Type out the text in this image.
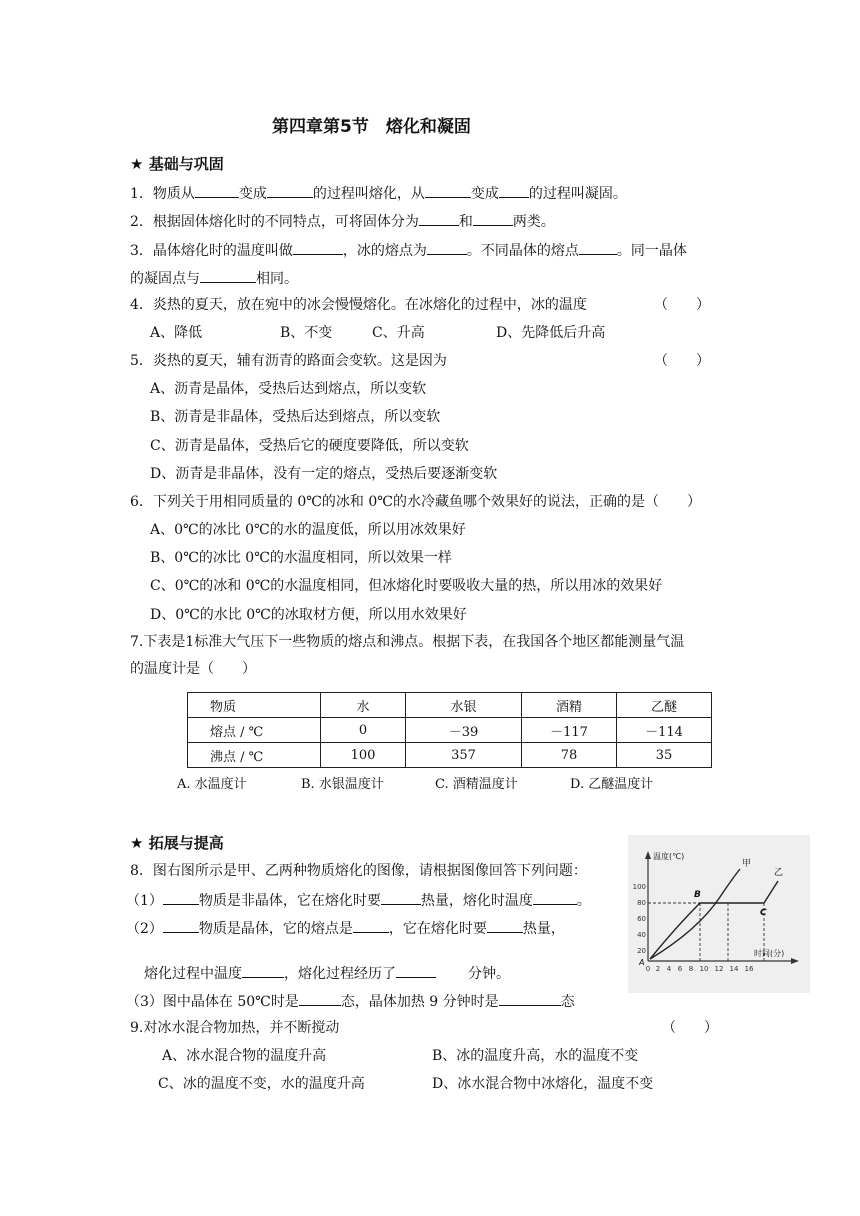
第四章第5节　熔化和凝固
★ 基础与巩固
1．物质从	变成	的过程叫熔化，从	变成 的过程叫凝固。
2．根据固体熔化时的不同特点，可将固体分为	和	两类。
3．晶体熔化时的温度叫做	，冰的熔点为	。不同晶体的熔点	。同一晶体
的凝固点与	相同。
4．炎热的夏天，放在宛中的冰会慢慢熔化。在冰熔化的过程中，冰的温度	（　　）
A、降低	B、不变	C、升高	D、先降低后升高
5．炎热的夏天，辅有沥青的路面会变软。这是因为	（　　）
A、沥青是晶体，受热后达到熔点，所以变软
B、沥青是非晶体，受热后达到熔点，所以变软
C、沥青是晶体，受热后它的硬度要降低，所以变软
D、沥青是非晶体，没有一定的熔点，受热后要逐渐变软
6．下列关于用相同质量的 0℃的冰和 0℃的水冷藏鱼哪个效果好的说法，正确的是（　　）
A、0℃的冰比 0℃的水的温度低，所以用冰效果好
B、0℃的冰比 0℃的水温度相同，所以效果一样
C、0℃的冰和 0℃的水温度相同，但冰熔化时要吸收大量的热，所以用冰的效果好
D、0℃的水比 0℃的冰取材方便，所以用水效果好
7.下表是1标准大气压下一些物质的熔点和沸点。根据下表，在我国各个地区都能测量气温
的温度计是（　　）
物质	水	水银	酒精	乙醚
熔点 / ℃	0	－39	－117	－114
沸点 / ℃	100	357	78	35
A. 水温度计	B. 水银温度计	C. 酒精温度计	D. 乙醚温度计
★ 拓展与提高
8．图右图所示是甲、乙两种物质熔化的图像，请根据图像回答下列问题：
（1）	物质是非晶体，它在熔化时要	热量，熔化时温度	。
（2）	物质是晶体，它的熔点是	，它在熔化时要	热量，
熔化过程中温度	，熔化过程经历了	分钟。
（3）图中晶体在 50℃时是	态，晶体加热 9 分钟时是	态
100
80
60
40
20
0 2 4 6 8 10 12 14 16
温度(℃)
时间(分)
甲
乙
B
C
A
9.对冰水混合物加热，并不断搅动	（　　）
A、冰水混合物的温度升高	B、冰的温度升高，水的温度不变
C、冰的温度不变，水的温度升高	D、冰水混合物中冰熔化，温度不变
